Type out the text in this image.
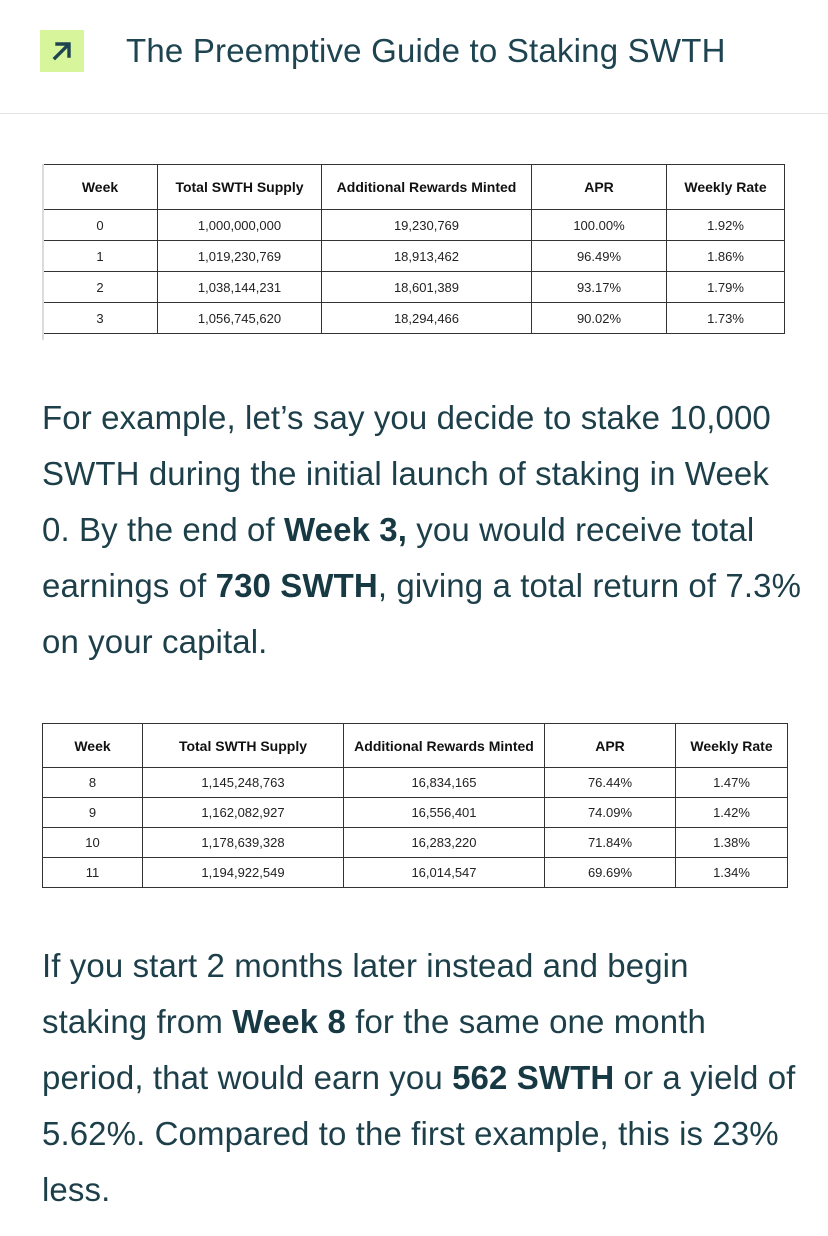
The Preemptive Guide to Staking SWTH
Week	Total SWTH Supply	Additional Rewards Minted	APR	Weekly Rate
0	1,000,000,000	19,230,769	100.00%	1.92%
1	1,019,230,769	18,913,462	96.49%	1.86%
2	1,038,144,231	18,601,389	93.17%	1.79%
3	1,056,745,620	18,294,466	90.02%	1.73%
For example, let’s say you decide to stake 10,000 SWTH during the initial launch of staking in Week 0. By the end of Week 3, you would receive total earnings of 730 SWTH, giving a total return of 7.3% on your capital.
Week	Total SWTH Supply	Additional Rewards Minted	APR	Weekly Rate
8	1,145,248,763	16,834,165	76.44%	1.47%
9	1,162,082,927	16,556,401	74.09%	1.42%
10	1,178,639,328	16,283,220	71.84%	1.38%
11	1,194,922,549	16,014,547	69.69%	1.34%
If you start 2 months later instead and begin staking from Week 8 for the same one month period, that would earn you 562 SWTH or a yield of 5.62%. Compared to the first example, this is 23% less.
